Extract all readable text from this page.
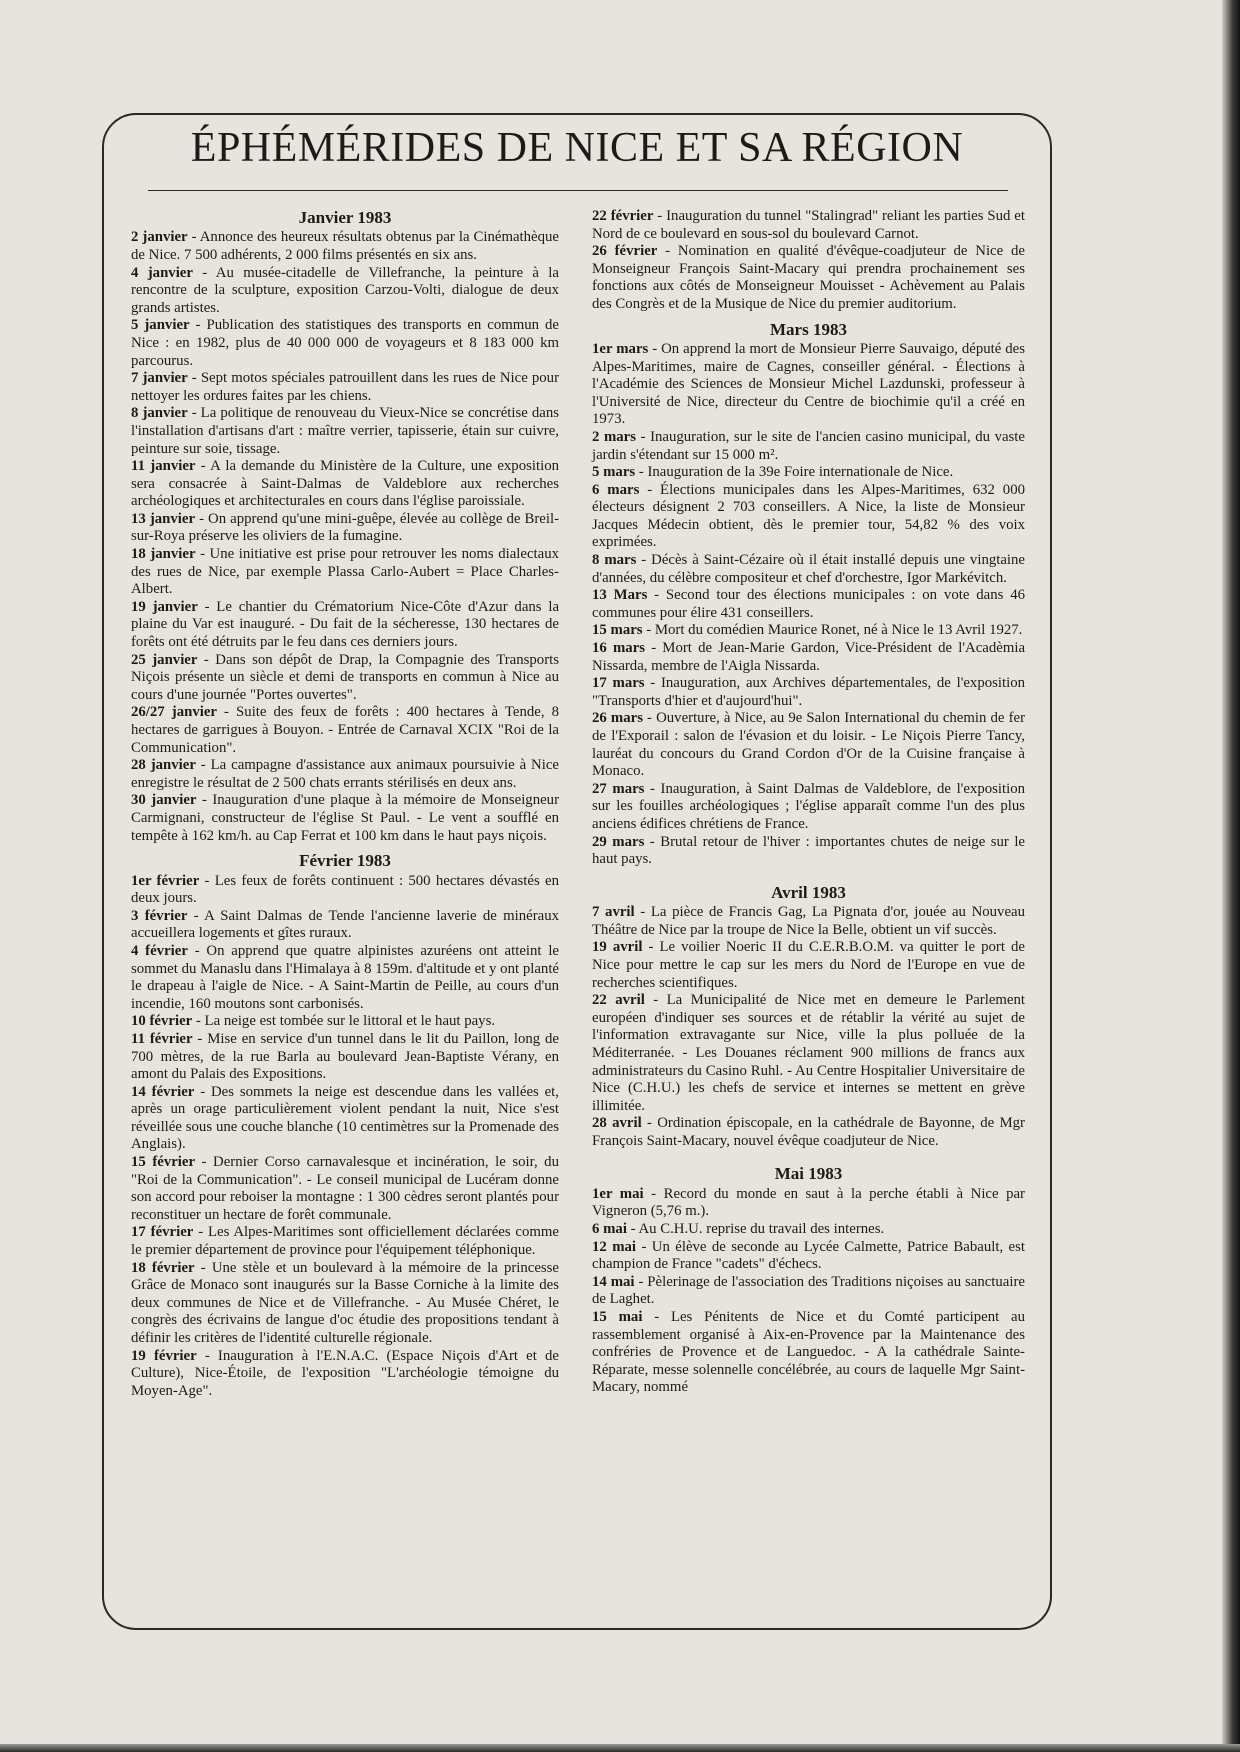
ÉPHÉMÉRIDES DE NICE ET SA RÉGION
Janvier 1983

2 janvier - Annonce des heureux résultats obtenus par la Cinémathèque de Nice. 7 500 adhérents, 2 000 films présentés en six ans.

4 janvier - Au musée-citadelle de Villefranche, la peinture à la rencontre de la sculpture, exposition Carzou-Volti, dialogue de deux grands artistes.

5 janvier - Publication des statistiques des transports en commun de Nice : en 1982, plus de 40 000 000 de voyageurs et 8 183 000 km parcourus.

7 janvier - Sept motos spéciales patrouillent dans les rues de Nice pour nettoyer les ordures faites par les chiens.

8 janvier - La politique de renouveau du Vieux-Nice se concrétise dans l'installation d'artisans d'art : maître verrier, tapisserie, étain sur cuivre, peinture sur soie, tissage.

11 janvier - A la demande du Ministère de la Culture, une exposition sera consacrée à Saint-Dalmas de Valdeblore aux recherches archéologiques et architecturales en cours dans l'église paroissiale.

13 janvier - On apprend qu'une mini-guêpe, élevée au collège de Breil-sur-Roya préserve les oliviers de la fumagine.

18 janvier - Une initiative est prise pour retrouver les noms dialectaux des rues de Nice, par exemple Plassa Carlo-Aubert = Place Charles-Albert.

19 janvier - Le chantier du Crématorium Nice-Côte d'Azur dans la plaine du Var est inauguré. - Du fait de la sécheresse, 130 hectares de forêts ont été détruits par le feu dans ces derniers jours.

25 janvier - Dans son dépôt de Drap, la Compagnie des Transports Niçois présente un siècle et demi de transports en commun à Nice au cours d'une journée "Portes ouvertes".

26/27 janvier - Suite des feux de forêts : 400 hectares à Tende, 8 hectares de garrigues à Bouyon. - Entrée de Carnaval XCIX "Roi de la Communication".

28 janvier - La campagne d'assistance aux animaux poursuivie à Nice enregistre le résultat de 2 500 chats errants stérilisés en deux ans.

30 janvier - Inauguration d'une plaque à la mémoire de Monseigneur Carmignani, constructeur de l'église St Paul. - Le vent a soufflé en tempête à 162 km/h. au Cap Ferrat et 100 km dans le haut pays niçois.

Février 1983

1er février - Les feux de forêts continuent : 500 hectares dévastés en deux jours.

3 février - A Saint Dalmas de Tende l'ancienne laverie de minéraux accueillera logements et gîtes ruraux.

4 février - On apprend que quatre alpinistes azuréens ont atteint le sommet du Manaslu dans l'Himalaya à 8 159m. d'altitude et y ont planté le drapeau à l'aigle de Nice. - A Saint-Martin de Peille, au cours d'un incendie, 160 moutons sont carbonisés.

10 février - La neige est tombée sur le littoral et le haut pays.

11 février - Mise en service d'un tunnel dans le lit du Paillon, long de 700 mètres, de la rue Barla au boulevard Jean-Baptiste Vérany, en amont du Palais des Expositions.

14 février - Des sommets la neige est descendue dans les vallées et, après un orage particulièrement violent pendant la nuit, Nice s'est réveillée sous une couche blanche (10 centimètres sur la Promenade des Anglais).

15 février - Dernier Corso carnavalesque et incinération, le soir, du "Roi de la Communication". - Le conseil municipal de Lucéram donne son accord pour reboiser la montagne : 1 300 cèdres seront plantés pour reconstituer un hectare de forêt communale.

17 février - Les Alpes-Maritimes sont officiellement déclarées comme le premier département de province pour l'équipement téléphonique.

18 février - Une stèle et un boulevard à la mémoire de la princesse Grâce de Monaco sont inaugurés sur la Basse Corniche à la limite des deux communes de Nice et de Villefranche. - Au Musée Chéret, le congrès des écrivains de langue d'oc étudie des propositions tendant à définir les critères de l'identité culturelle régionale.

19 février - Inauguration à l'E.N.A.C. (Espace Niçois d'Art et de Culture), Nice-Étoile, de l'exposition "L'archéologie témoigne du Moyen-Age".

22 février - Inauguration du tunnel "Stalingrad" reliant les parties Sud et Nord de ce boulevard en sous-sol du boulevard Carnot.

26 février - Nomination en qualité d'évêque-coadjuteur de Nice de Monseigneur François Saint-Macary qui prendra prochainement ses fonctions aux côtés de Monseigneur Mouisset - Achèvement au Palais des Congrès et de la Musique de Nice du premier auditorium.

Mars 1983

1er mars - On apprend la mort de Monsieur Pierre Sauvaigo, député des Alpes-Maritimes, maire de Cagnes, conseiller général. - Élections à l'Académie des Sciences de Monsieur Michel Lazdunski, professeur à l'Université de Nice, directeur du Centre de biochimie qu'il a créé en 1973.

2 mars - Inauguration, sur le site de l'ancien casino municipal, du vaste jardin s'étendant sur 15 000 m².

5 mars - Inauguration de la 39e Foire internationale de Nice.

6 mars - Élections municipales dans les Alpes-Maritimes, 632 000 électeurs désignent 2 703 conseillers. A Nice, la liste de Monsieur Jacques Médecin obtient, dès le premier tour, 54,82 % des voix exprimées.

8 mars - Décès à Saint-Cézaire où il était installé depuis une vingtaine d'années, du célèbre compositeur et chef d'orchestre, Igor Markévitch.

13 Mars - Second tour des élections municipales : on vote dans 46 communes pour élire 431 conseillers.

15 mars - Mort du comédien Maurice Ronet, né à Nice le 13 Avril 1927.

16 mars - Mort de Jean-Marie Gardon, Vice-Président de l'Acadèmia Nissarda, membre de l'Aigla Nissarda.

17 mars - Inauguration, aux Archives départementales, de l'exposition "Transports d'hier et d'aujourd'hui".

26 mars - Ouverture, à Nice, au 9e Salon International du chemin de fer de l'Exporail : salon de l'évasion et du loisir. - Le Niçois Pierre Tancy, lauréat du concours du Grand Cordon d'Or de la Cuisine française à Monaco.

27 mars - Inauguration, à Saint Dalmas de Valdeblore, de l'exposition sur les fouilles archéologiques ; l'église apparaît comme l'un des plus anciens édifices chrétiens de France.

29 mars - Brutal retour de l'hiver : importantes chutes de neige sur le haut pays.

Avril 1983

7 avril - La pièce de Francis Gag, La Pignata d'or, jouée au Nouveau Théâtre de Nice par la troupe de Nice la Belle, obtient un vif succès.

19 avril - Le voilier Noeric II du C.E.R.B.O.M. va quitter le port de Nice pour mettre le cap sur les mers du Nord de l'Europe en vue de recherches scientifiques.

22 avril - La Municipalité de Nice met en demeure le Parlement européen d'indiquer ses sources et de rétablir la vérité au sujet de l'information extravagante sur Nice, ville la plus polluée de la Méditerranée. - Les Douanes réclament 900 millions de francs aux administrateurs du Casino Ruhl. - Au Centre Hospitalier Universitaire de Nice (C.H.U.) les chefs de service et internes se mettent en grève illimitée.

28 avril - Ordination épiscopale, en la cathédrale de Bayonne, de Mgr François Saint-Macary, nouvel évêque coadjuteur de Nice.

Mai 1983

1er mai - Record du monde en saut à la perche établi à Nice par Vigneron (5,76 m.).

6 mai - Au C.H.U. reprise du travail des internes.

12 mai - Un élève de seconde au Lycée Calmette, Patrice Babault, est champion de France "cadets" d'échecs.

14 mai - Pèlerinage de l'association des Traditions niçoises au sanctuaire de Laghet.

15 mai - Les Pénitents de Nice et du Comté participent au rassemblement organisé à Aix-en-Provence par la Maintenance des confréries de Provence et de Languedoc. - A la cathédrale Sainte-Réparate, messe solennelle concélébrée, au cours de laquelle Mgr Saint-Macary, nommé
